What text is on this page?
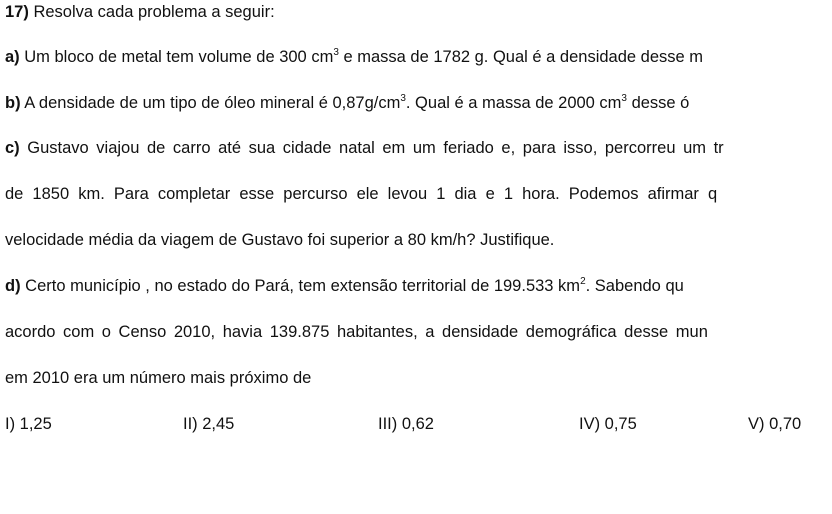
17) Resolva cada problema a seguir:
a) Um bloco de metal tem volume de 300 $cm^3$ e massa de 1782 g. Qual é a densidade desse m
b) A densidade de um tipo de óleo mineral é $0,87g/cm^3$. Qual é a massa de 2000 $cm^3$ desse ó
c) Gustavo viajou de carro até sua cidade natal em um feriado e, para isso, percorreu um tr
de 1850 km. Para completar esse percurso ele levou 1 dia e 1 hora. Podemos afirmar q
velocidade média da viagem de Gustavo foi superior a 80 km/h? Justifique.
d) Certo município , no estado do Pará, tem extensão territorial de 199.533 $km^2$. Sabendo qu
acordo com o Censo 2010, havia 139.875 habitantes, a densidade demográfica desse mun
em 2010 era um número mais próximo de
I) 1,25	II) 2,45	III) 0,62	IV) 0,75	V) 0,70
